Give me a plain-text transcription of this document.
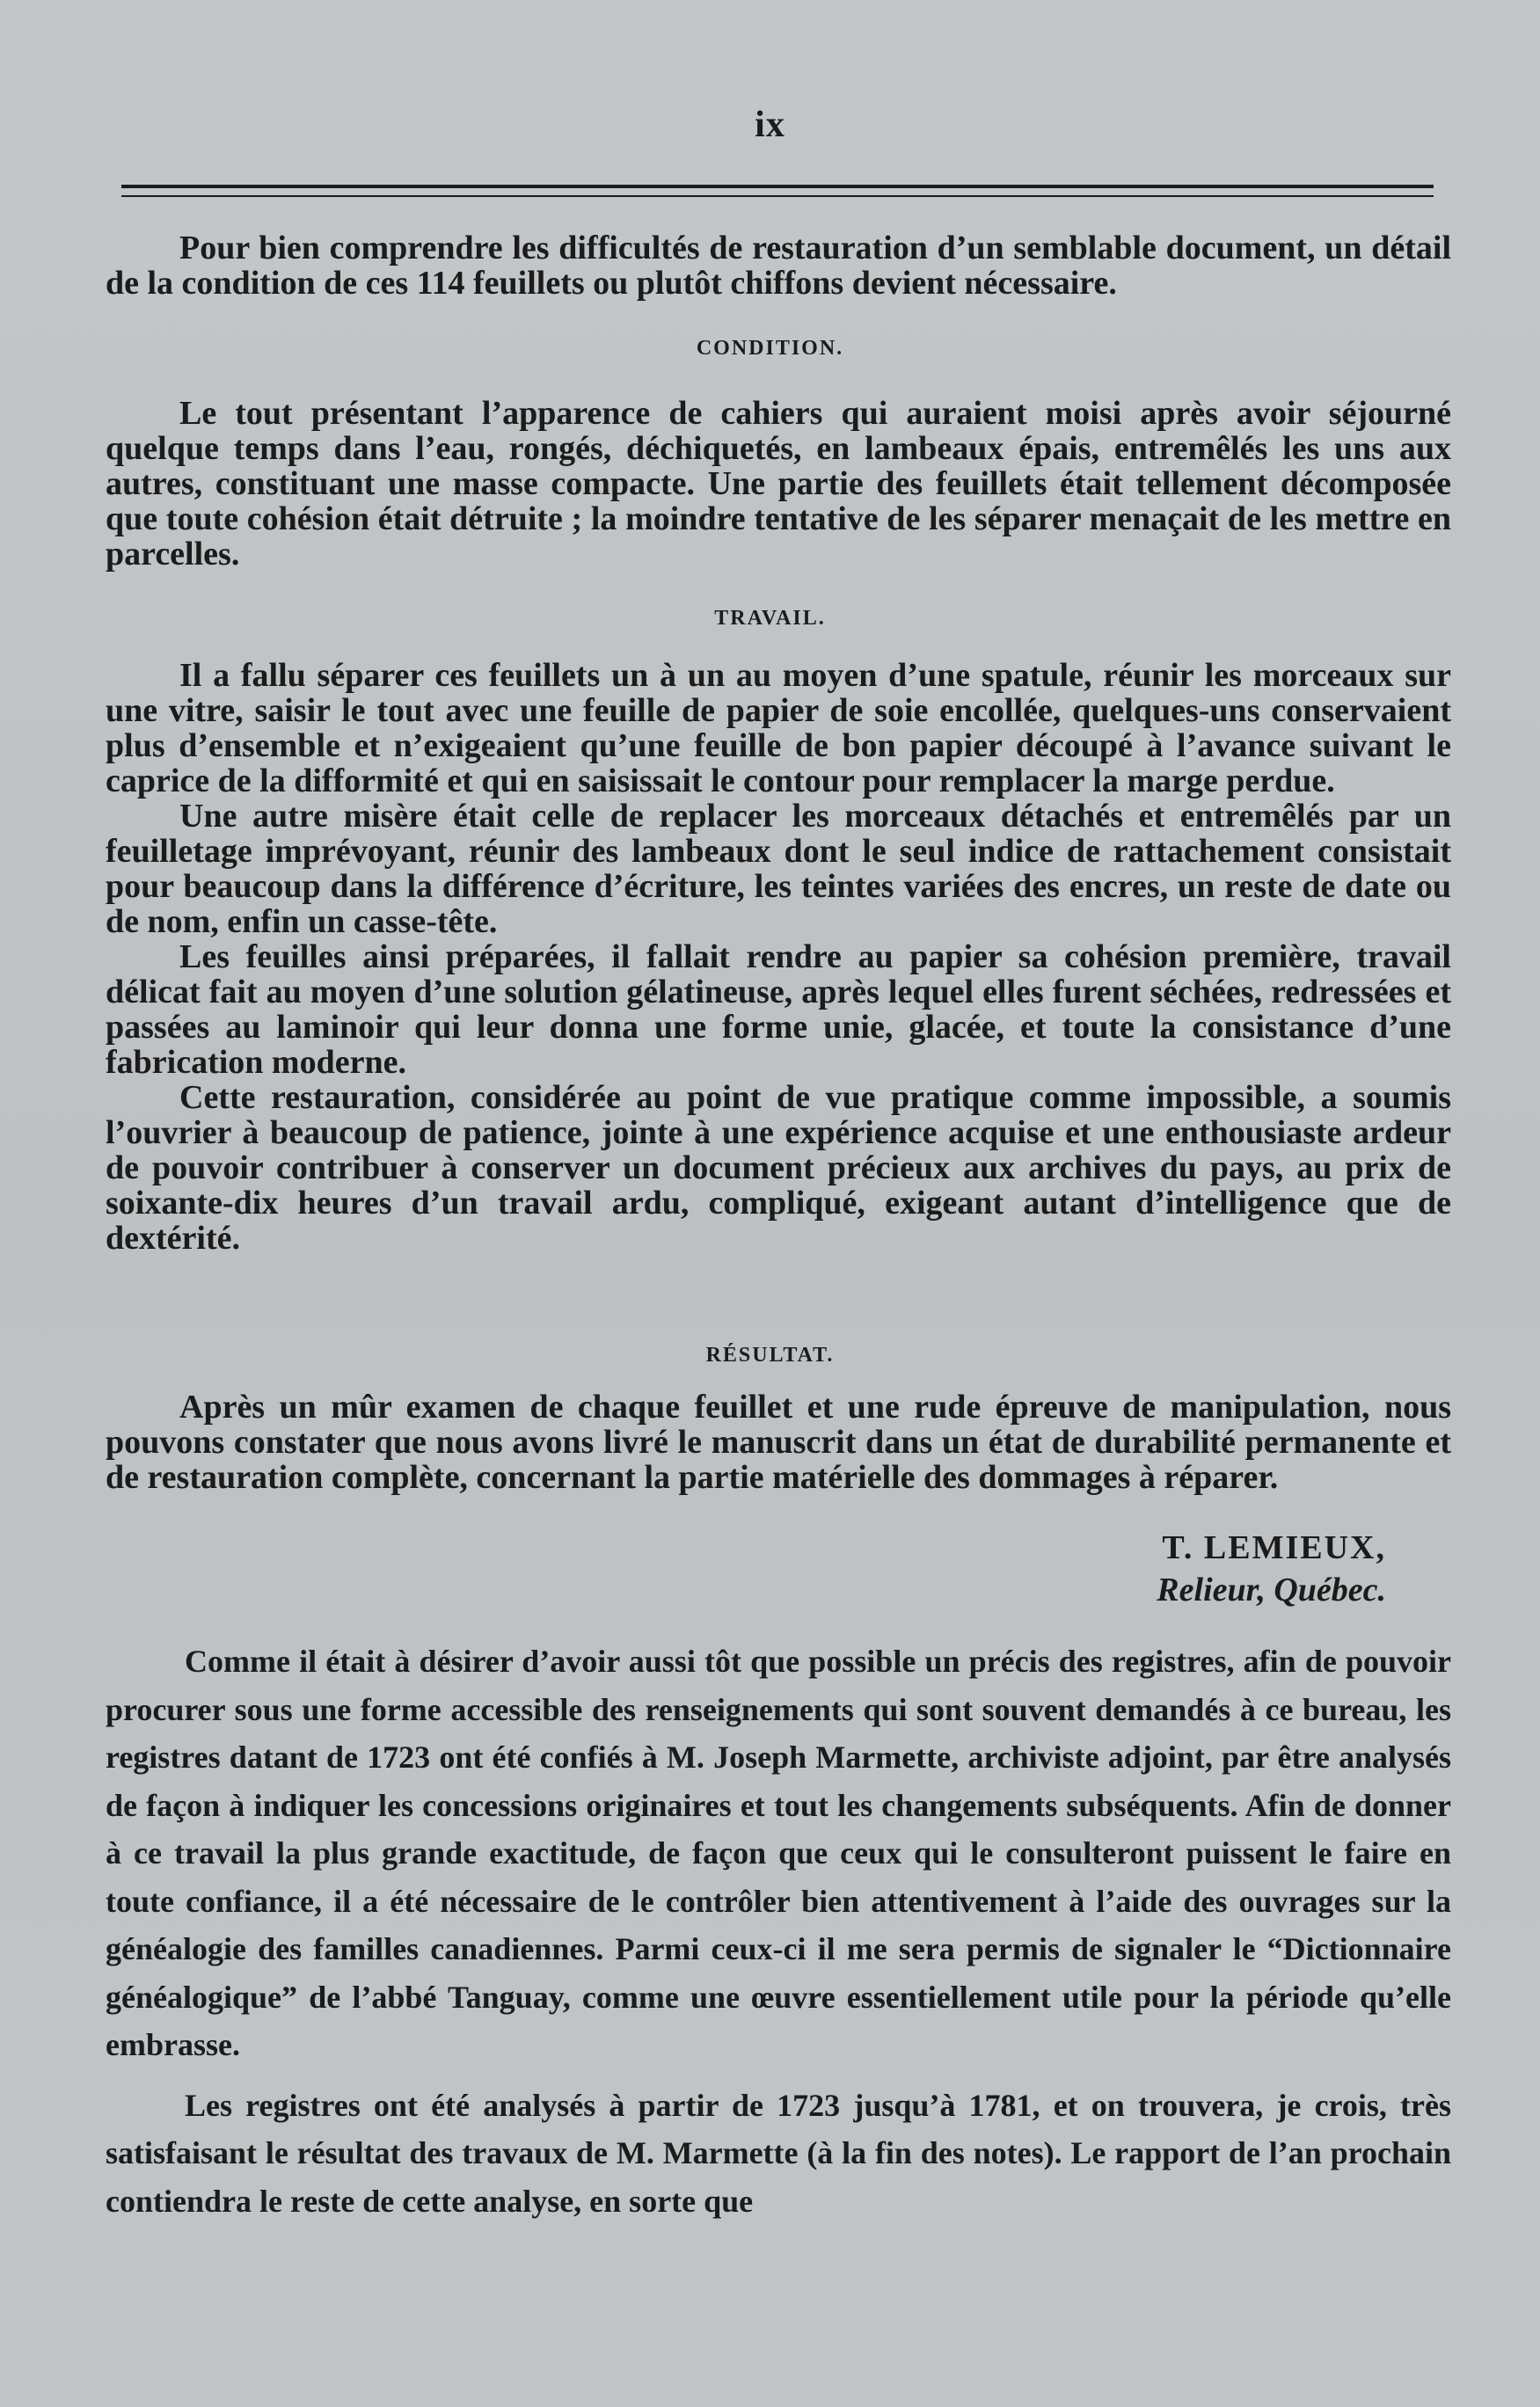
ix

Pour bien comprendre les difficultés de restauration d’un semblable document, un détail de la condition de ces 114 feuillets ou plutôt chiffons devient nécessaire.

CONDITION.

Le tout présentant l’apparence de cahiers qui auraient moisi après avoir séjourné quelque temps dans l’eau, rongés, déchiquetés, en lambeaux épais, entremêlés les uns aux autres, constituant une masse compacte. Une partie des feuillets était tellement décomposée que toute cohésion était détruite ; la moindre tentative de les séparer menaçait de les mettre en parcelles.

TRAVAIL.

Il a fallu séparer ces feuillets un à un au moyen d’une spatule, réunir les morceaux sur une vitre, saisir le tout avec une feuille de papier de soie encollée, quelques-uns conservaient plus d’ensemble et n’exigeaient qu’une feuille de bon papier découpé à l’avance suivant le caprice de la difformité et qui en saisissait le contour pour remplacer la marge perdue.

Une autre misère était celle de replacer les morceaux détachés et entremêlés par un feuilletage imprévoyant, réunir des lambeaux dont le seul indice de rattachement consistait pour beaucoup dans la différence d’écriture, les teintes variées des encres, un reste de date ou de nom, enfin un casse-tête.

Les feuilles ainsi préparées, il fallait rendre au papier sa cohésion première, travail délicat fait au moyen d’une solution gélatineuse, après lequel elles furent séchées, redressées et passées au laminoir qui leur donna une forme unie, glacée, et toute la consistance d’une fabrication moderne.

Cette restauration, considérée au point de vue pratique comme impossible, a soumis l’ouvrier à beaucoup de patience, jointe à une expérience acquise et une enthousiaste ardeur de pouvoir contribuer à conserver un document précieux aux archives du pays, au prix de soixante-dix heures d’un travail ardu, compliqué, exigeant autant d’intelligence que de dextérité.

RÉSULTAT.

Après un mûr examen de chaque feuillet et une rude épreuve de manipulation, nous pouvons constater que nous avons livré le manuscrit dans un état de durabilité permanente et de restauration complète, concernant la partie matérielle des dommages à réparer.

T. LEMIEUX,
Relieur, Québec.

Comme il était à désirer d’avoir aussi tôt que possible un précis des registres, afin de pouvoir procurer sous une forme accessible des renseignements qui sont souvent demandés à ce bureau, les registres datant de 1723 ont été confiés à M. Joseph Marmette, archiviste adjoint, par être analysés de façon à indiquer les concessions originaires et tout les changements subséquents. Afin de donner à ce travail la plus grande exactitude, de façon que ceux qui le consulteront puissent le faire en toute confiance, il a été nécessaire de le contrôler bien attentivement à l’aide des ouvrages sur la généalogie des familles canadiennes. Parmi ceux-ci il me sera permis de signaler le “Dictionnaire généalogique” de l’abbé Tanguay, comme une œuvre essentiellement utile pour la période qu’elle embrasse.

Les registres ont été analysés à partir de 1723 jusqu’à 1781, et on trouvera, je crois, très satisfaisant le résultat des travaux de M. Marmette (à la fin des notes). Le rapport de l’an prochain contiendra le reste de cette analyse, en sorte que
